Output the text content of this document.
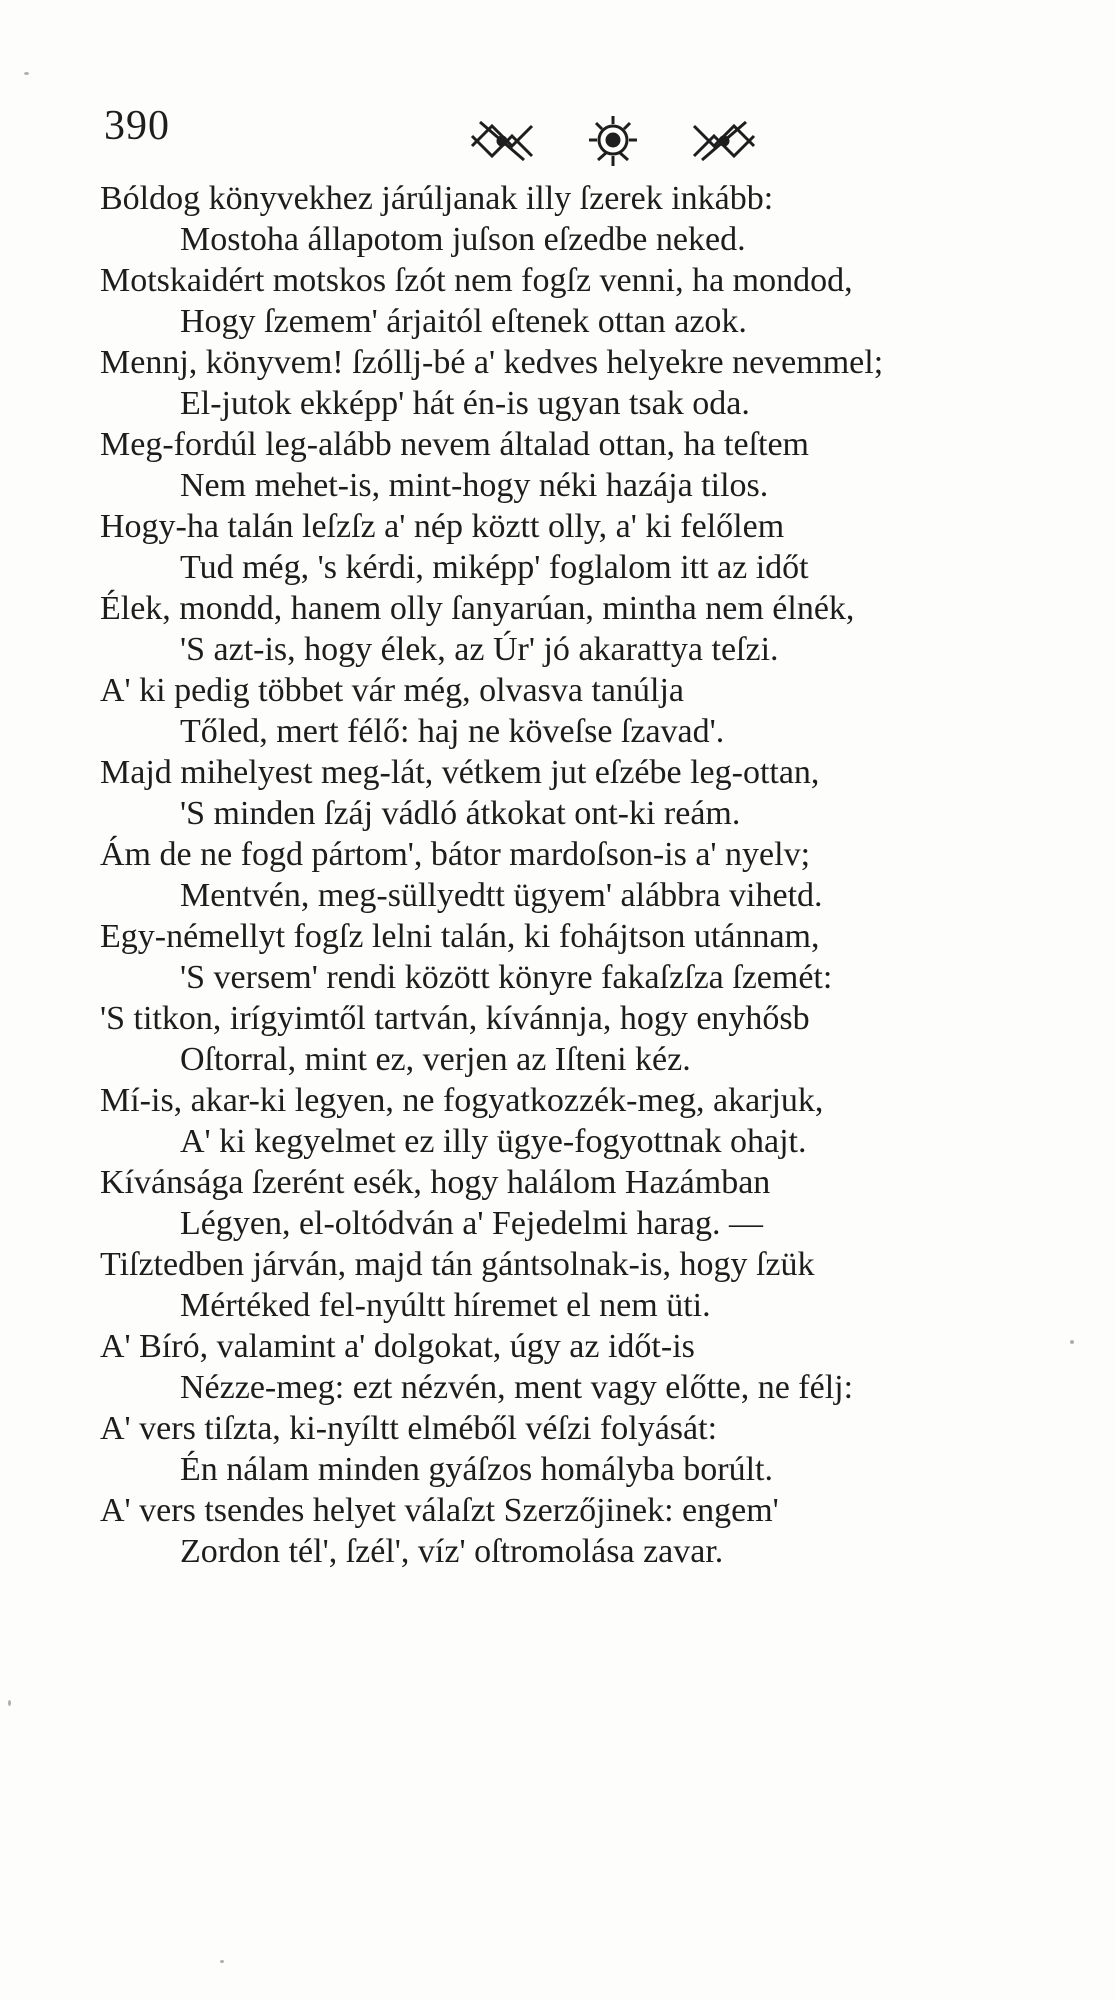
390
Bóldog könyvekhez járúljanak illy ſzerek inkább:
Mostoha állapotom juſson eſzedbe neked.
Motskaidért motskos ſzót nem fogſz venni, ha mondod,
Hogy ſzemem' árjaitól eſtenek ottan azok.
Mennj, könyvem! ſzóllj-bé a' kedves helyekre nevemmel;
El-jutok ekképp' hát én-is ugyan tsak oda.
Meg-fordúl leg-alább nevem általad ottan, ha teſtem
Nem mehet-is, mint-hogy néki hazája tilos.
Hogy-ha talán leſzſz a' nép köztt olly, a' ki felőlem
Tud még, 's kérdi, miképp' foglalom itt az időt
Élek, mondd, hanem olly ſanyarúan, mintha nem élnék,
'S azt-is, hogy élek, az Úr' jó akarattya teſzi.
A' ki pedig többet vár még, olvasva tanúlja
Tőled, mert félő: haj ne köveſse ſzavad'.
Majd mihelyest meg-lát, vétkem jut eſzébe leg-ottan,
'S minden ſzáj vádló átkokat ont-ki reám.
Ám de ne fogd pártom', bátor mardoſson-is a' nyelv;
Mentvén, meg-süllyedtt ügyem' alábbra vihetd.
Egy-némellyt fogſz lelni talán, ki fohájtson utánnam,
'S versem' rendi között könyre fakaſzſza ſzemét:
'S titkon, irígyimtől tartván, kívánnja, hogy enyhősb
Oſtorral, mint ez, verjen az Iſteni kéz.
Mí-is, akar-ki legyen, ne fogyatkozzék-meg, akarjuk,
A' ki kegyelmet ez illy ügye-fogyottnak ohajt.
Kívánsága ſzerént esék, hogy halálom Hazámban
Légyen, el-oltódván a' Fejedelmi harag. —
Tiſztedben járván, majd tán gántsolnak-is, hogy ſzük
Mértéked fel-nyúltt híremet el nem üti.
A' Bíró, valamint a' dolgokat, úgy az időt-is
Nézze-meg: ezt nézvén, ment vagy előtte, ne félj:
A' vers tiſzta, ki-nyíltt elméből véſzi folyását:
Én nálam minden gyáſzos homályba borúlt.
A' vers tsendes helyet válaſzt Szerzőjinek: engem'
Zordon tél', ſzél', víz' oſtromolása zavar.
